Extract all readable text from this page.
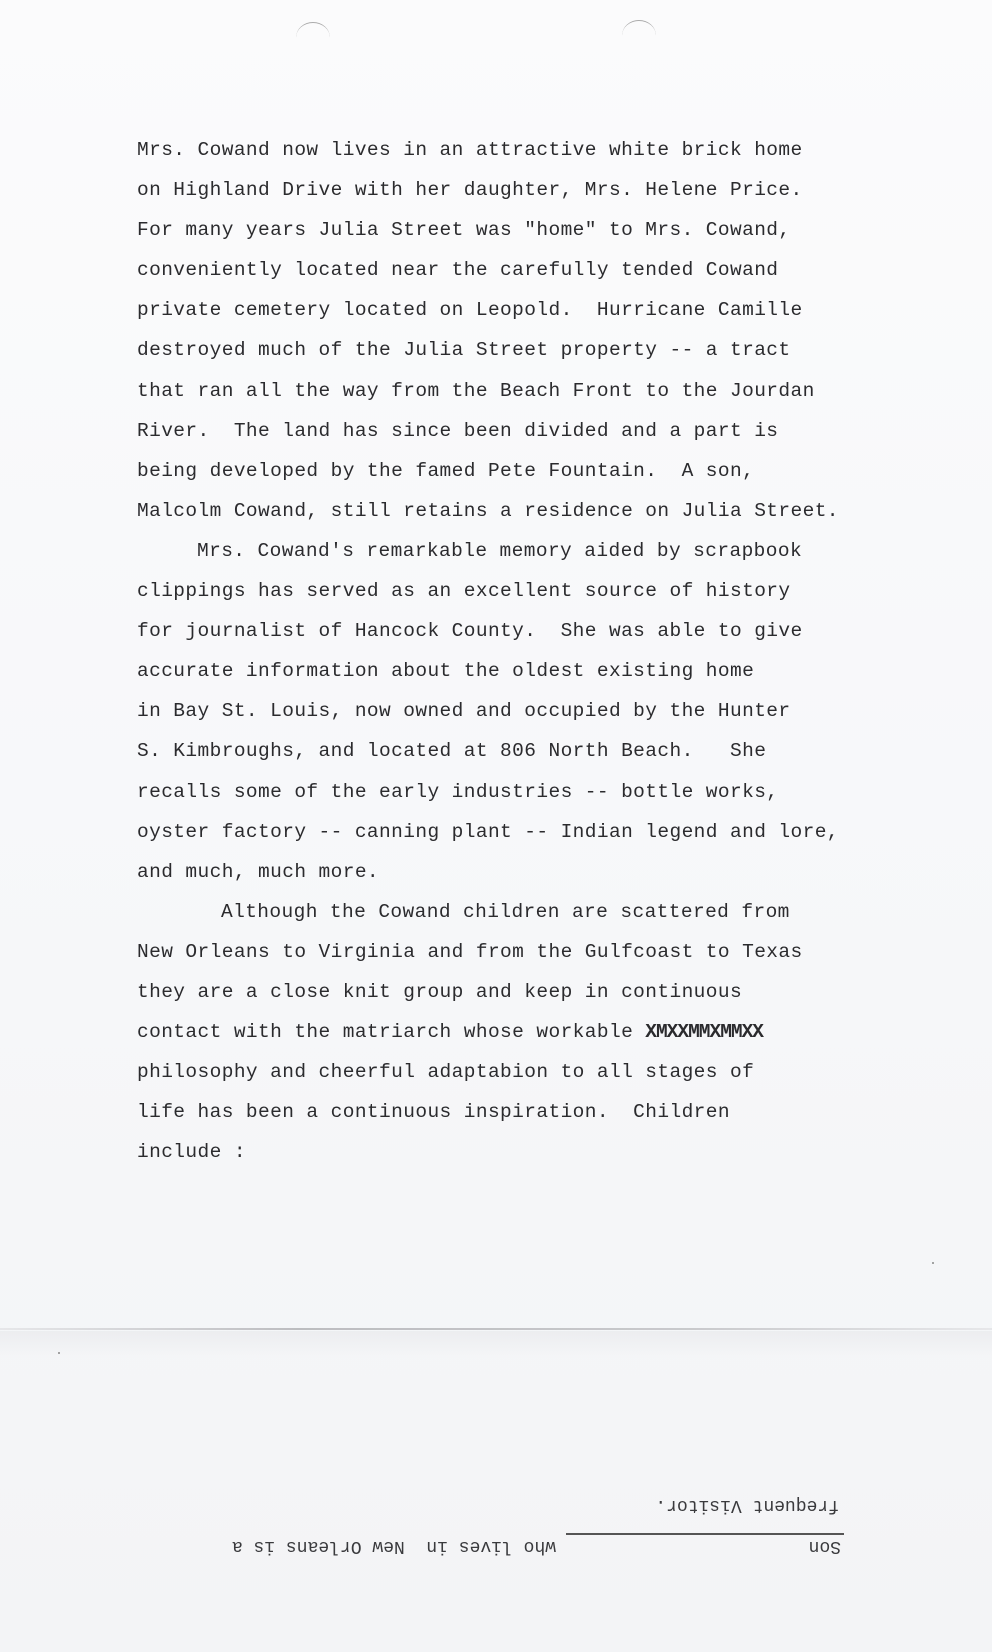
Mrs. Cowand now lives in an attractive white brick home
on Highland Drive with her daughter, Mrs. Helene Price.
For many years Julia Street was "home" to Mrs. Cowand,
conveniently located near the carefully tended Cowand
private cemetery located on Leopold.  Hurricane Camille
destroyed much of the Julia Street property -- a tract
that ran all the way from the Beach Front to the Jourdan
River.  The land has since been divided and a part is
being developed by the famed Pete Fountain.  A son,
Malcolm Cowand, still retains a residence on Julia Street.
Mrs. Cowand's remarkable memory aided by scrapbook
clippings has served as an excellent source of history
for journalist of Hancock County.  She was able to give
accurate information about the oldest existing home
in Bay St. Louis, now owned and occupied by the Hunter
S. Kimbroughs, and located at 806 North Beach.   She
recalls some of the early industries -- bottle works,
oyster factory -- canning plant -- Indian legend and lore,
and much, much more.
Although the Cowand children are scattered from
New Orleans to Virginia and from the Gulfcoast to Texas
they are a close knit group and keep in continuous
contact with the matriarch whose workable XMXXMMXMMXX
philosophy and cheerful adaptabion to all stages of
life has been a continuous inspiration.  Children
include :
frequent Visitor.
who lives in  New Orleans is a	Son
